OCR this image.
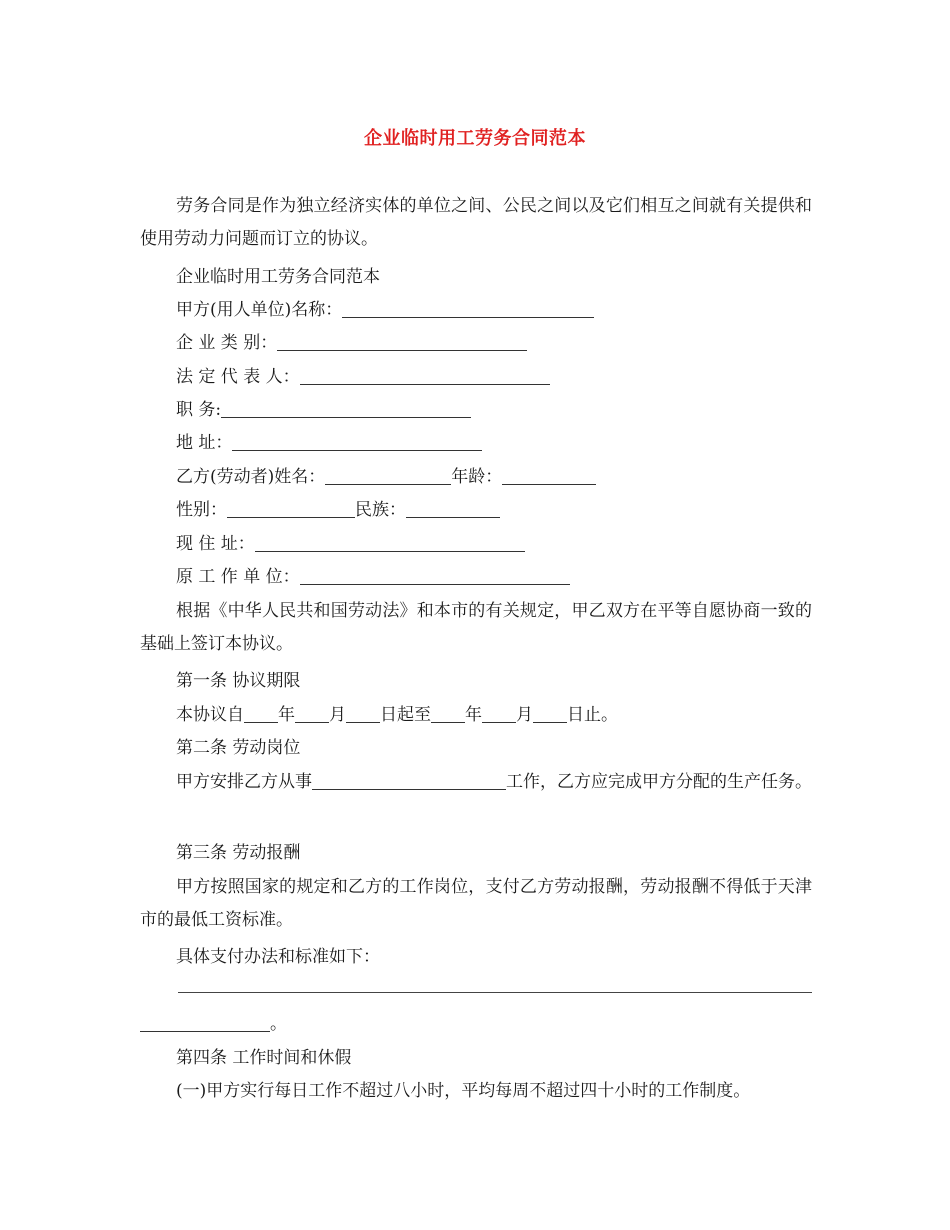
企业临时用工劳务合同范本
劳务合同是作为独立经济实体的单位之间、公民之间以及它们相互之间就有关提供和使用劳动力问题而订立的协议。
企业临时用工劳务合同范本
甲方(用人单位)名称：
企 业 类 别：
法 定 代 表 人：
职 务:
地 址：
乙方(劳动者)姓名：	年龄：
性别：	民族：
现 住 址：
原 工 作 单 位：
根据《中华人民共和国劳动法》和本市的有关规定，甲乙双方在平等自愿协商一致的基础上签订本协议。
第一条 协议期限
本协议自 年 月 日起至 年 月 日止。
第二条 劳动岗位
甲方安排乙方从事	工作，乙方应完成甲方分配的生产任务。
第三条 劳动报酬
甲方按照国家的规定和乙方的工作岗位，支付乙方劳动报酬，劳动报酬不得低于天津市的最低工资标准。
具体支付办法和标准如下：
。
第四条 工作时间和休假
(一)甲方实行每日工作不超过八小时，平均每周不超过四十小时的工作制度。
